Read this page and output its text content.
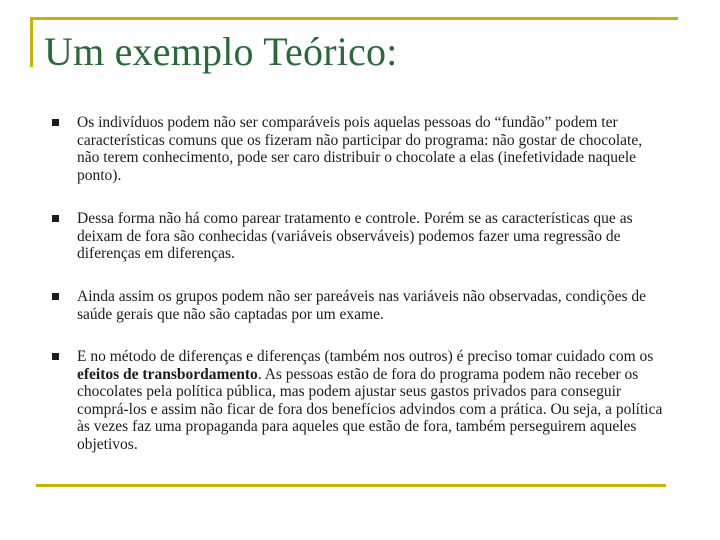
Um exemplo Teórico:
Os indivíduos podem não ser comparáveis pois aquelas pessoas do “fundão” podem ter características comuns que os fizeram não participar do programa: não gostar de chocolate, não terem conhecimento, pode ser caro distribuir o chocolate a elas (inefetividade naquele ponto).
Dessa forma não há como parear tratamento e controle. Porém se as características que as deixam de fora são conhecidas (variáveis observáveis) podemos fazer uma regressão de diferenças em diferenças.
Ainda assim os grupos podem não ser pareáveis nas variáveis não observadas, condições de saúde gerais que não são captadas por um exame.
E no método de diferenças e diferenças (também nos outros) é preciso tomar cuidado com os efeitos de transbordamento. As pessoas estão de fora do programa podem não receber os chocolates pela política pública, mas podem ajustar seus gastos privados para conseguir comprá-los e assim não ficar de fora dos benefícios advindos com a prática. Ou seja, a política às vezes faz uma propaganda para aqueles que estão de fora, também perseguirem aqueles objetivos.
